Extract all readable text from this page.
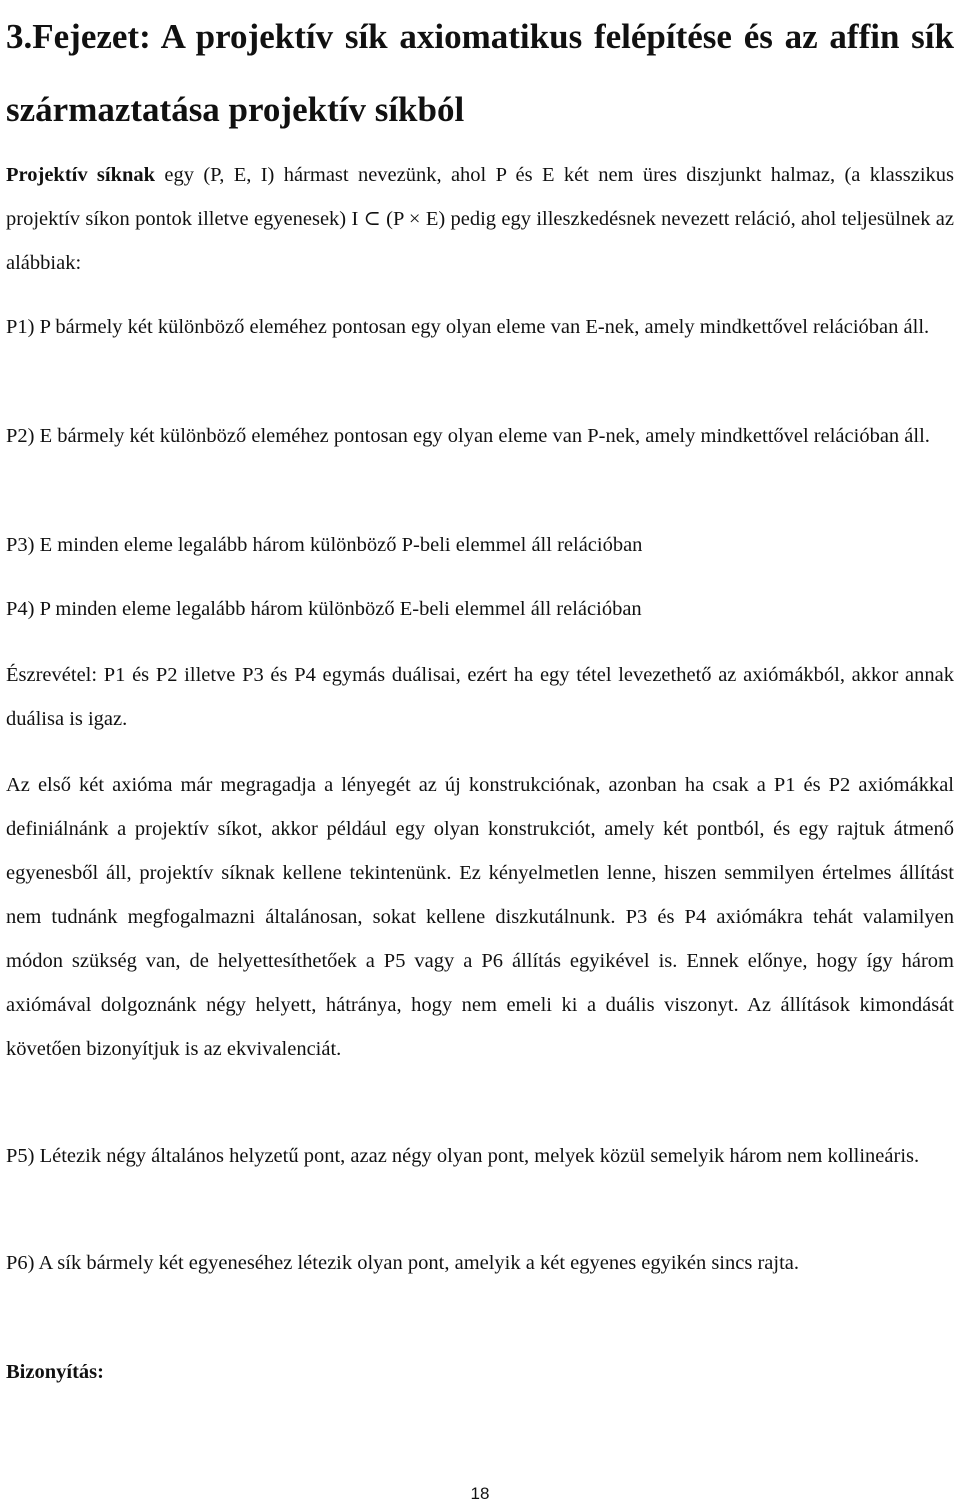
3.Fejezet: A projektív sík axiomatikus felépítése és az affin sík származtatása projektív síkból

Projektív síknak egy (P, E, I) hármast nevezünk, ahol P és E két nem üres diszjunkt halmaz, (a klasszikus projektív síkon pontok illetve egyenesek) I ⊂ (P × E) pedig egy illeszkedésnek nevezett reláció, ahol teljesülnek az alábbiak:

P1) P bármely két különböző eleméhez pontosan egy olyan eleme van E-nek, amely mindkettővel relációban áll.

P2) E bármely két különböző eleméhez pontosan egy olyan eleme van P-nek, amely mindkettővel relációban áll.

P3) E minden eleme legalább három különböző P-beli elemmel áll relációban

P4) P minden eleme legalább három különböző E-beli elemmel áll relációban

Észrevétel: P1 és P2 illetve P3 és P4 egymás duálisai, ezért ha egy tétel levezethető az axiómákból, akkor annak duálisa is igaz.

Az első két axióma már megragadja a lényegét az új konstrukciónak, azonban ha csak a P1 és P2 axiómákkal definiálnánk a projektív síkot, akkor például egy olyan konstrukciót, amely két pontból, és egy rajtuk átmenő egyenesből áll, projektív síknak kellene tekintenünk. Ez kényelmetlen lenne, hiszen semmilyen értelmes állítást nem tudnánk megfogalmazni általánosan, sokat kellene diszkutálnunk. P3 és P4 axiómákra tehát valamilyen módon szükség van, de helyettesíthetőek a P5 vagy a P6 állítás egyikével is. Ennek előnye, hogy így három axiómával dolgoznánk négy helyett, hátránya, hogy nem emeli ki a duális viszonyt. Az állítások kimondását követően bizonyítjuk is az ekvivalenciát.

P5) Létezik négy általános helyzetű pont, azaz négy olyan pont, melyek közül semelyik három nem kollineáris.

P6) A sík bármely két egyeneséhez létezik olyan pont, amelyik a két egyenes egyikén sincs rajta.

Bizonyítás:

18
